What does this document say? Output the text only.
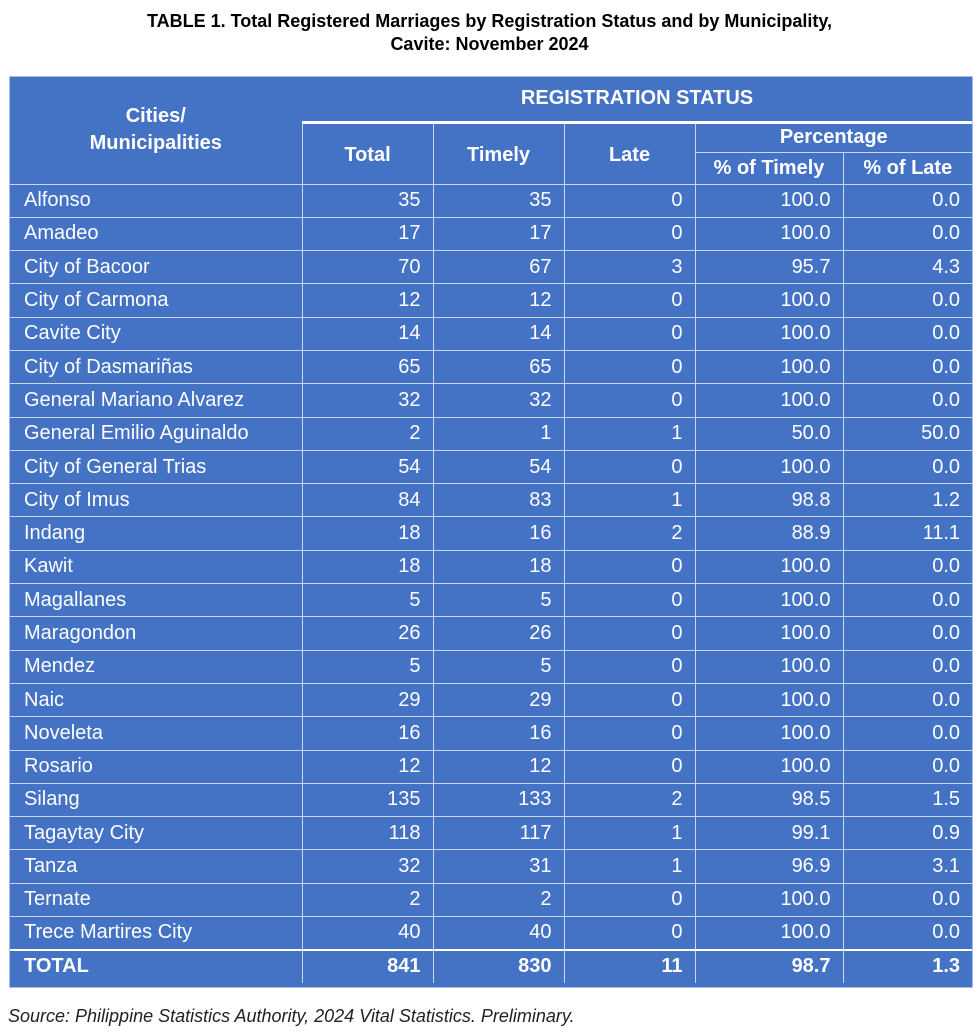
TABLE 1. Total Registered Marriages by Registration Status and by Municipality,
Cavite: November 2024
Cities/
Municipalities	REGISTRATION STATUS				
	Total	Timely	Late	Percentage	
				% of Timely	% of Late
Alfonso	35	35	0	100.0	0.0
Amadeo	17	17	0	100.0	0.0
City of Bacoor	70	67	3	95.7	4.3
City of Carmona	12	12	0	100.0	0.0
Cavite City	14	14	0	100.0	0.0
City of Dasmariñas	65	65	0	100.0	0.0
General Mariano Alvarez	32	32	0	100.0	0.0
General Emilio Aguinaldo	2	1	1	50.0	50.0
City of General Trias	54	54	0	100.0	0.0
City of Imus	84	83	1	98.8	1.2
Indang	18	16	2	88.9	11.1
Kawit	18	18	0	100.0	0.0
Magallanes	5	5	0	100.0	0.0
Maragondon	26	26	0	100.0	0.0
Mendez	5	5	0	100.0	0.0
Naic	29	29	0	100.0	0.0
Noveleta	16	16	0	100.0	0.0
Rosario	12	12	0	100.0	0.0
Silang	135	133	2	98.5	1.5
Tagaytay City	118	117	1	99.1	0.9
Tanza	32	31	1	96.9	3.1
Ternate	2	2	0	100.0	0.0
Trece Martires City	40	40	0	100.0	0.0
TOTAL	841	830	11	98.7	1.3
Source: Philippine Statistics Authority, 2024 Vital Statistics. Preliminary.
